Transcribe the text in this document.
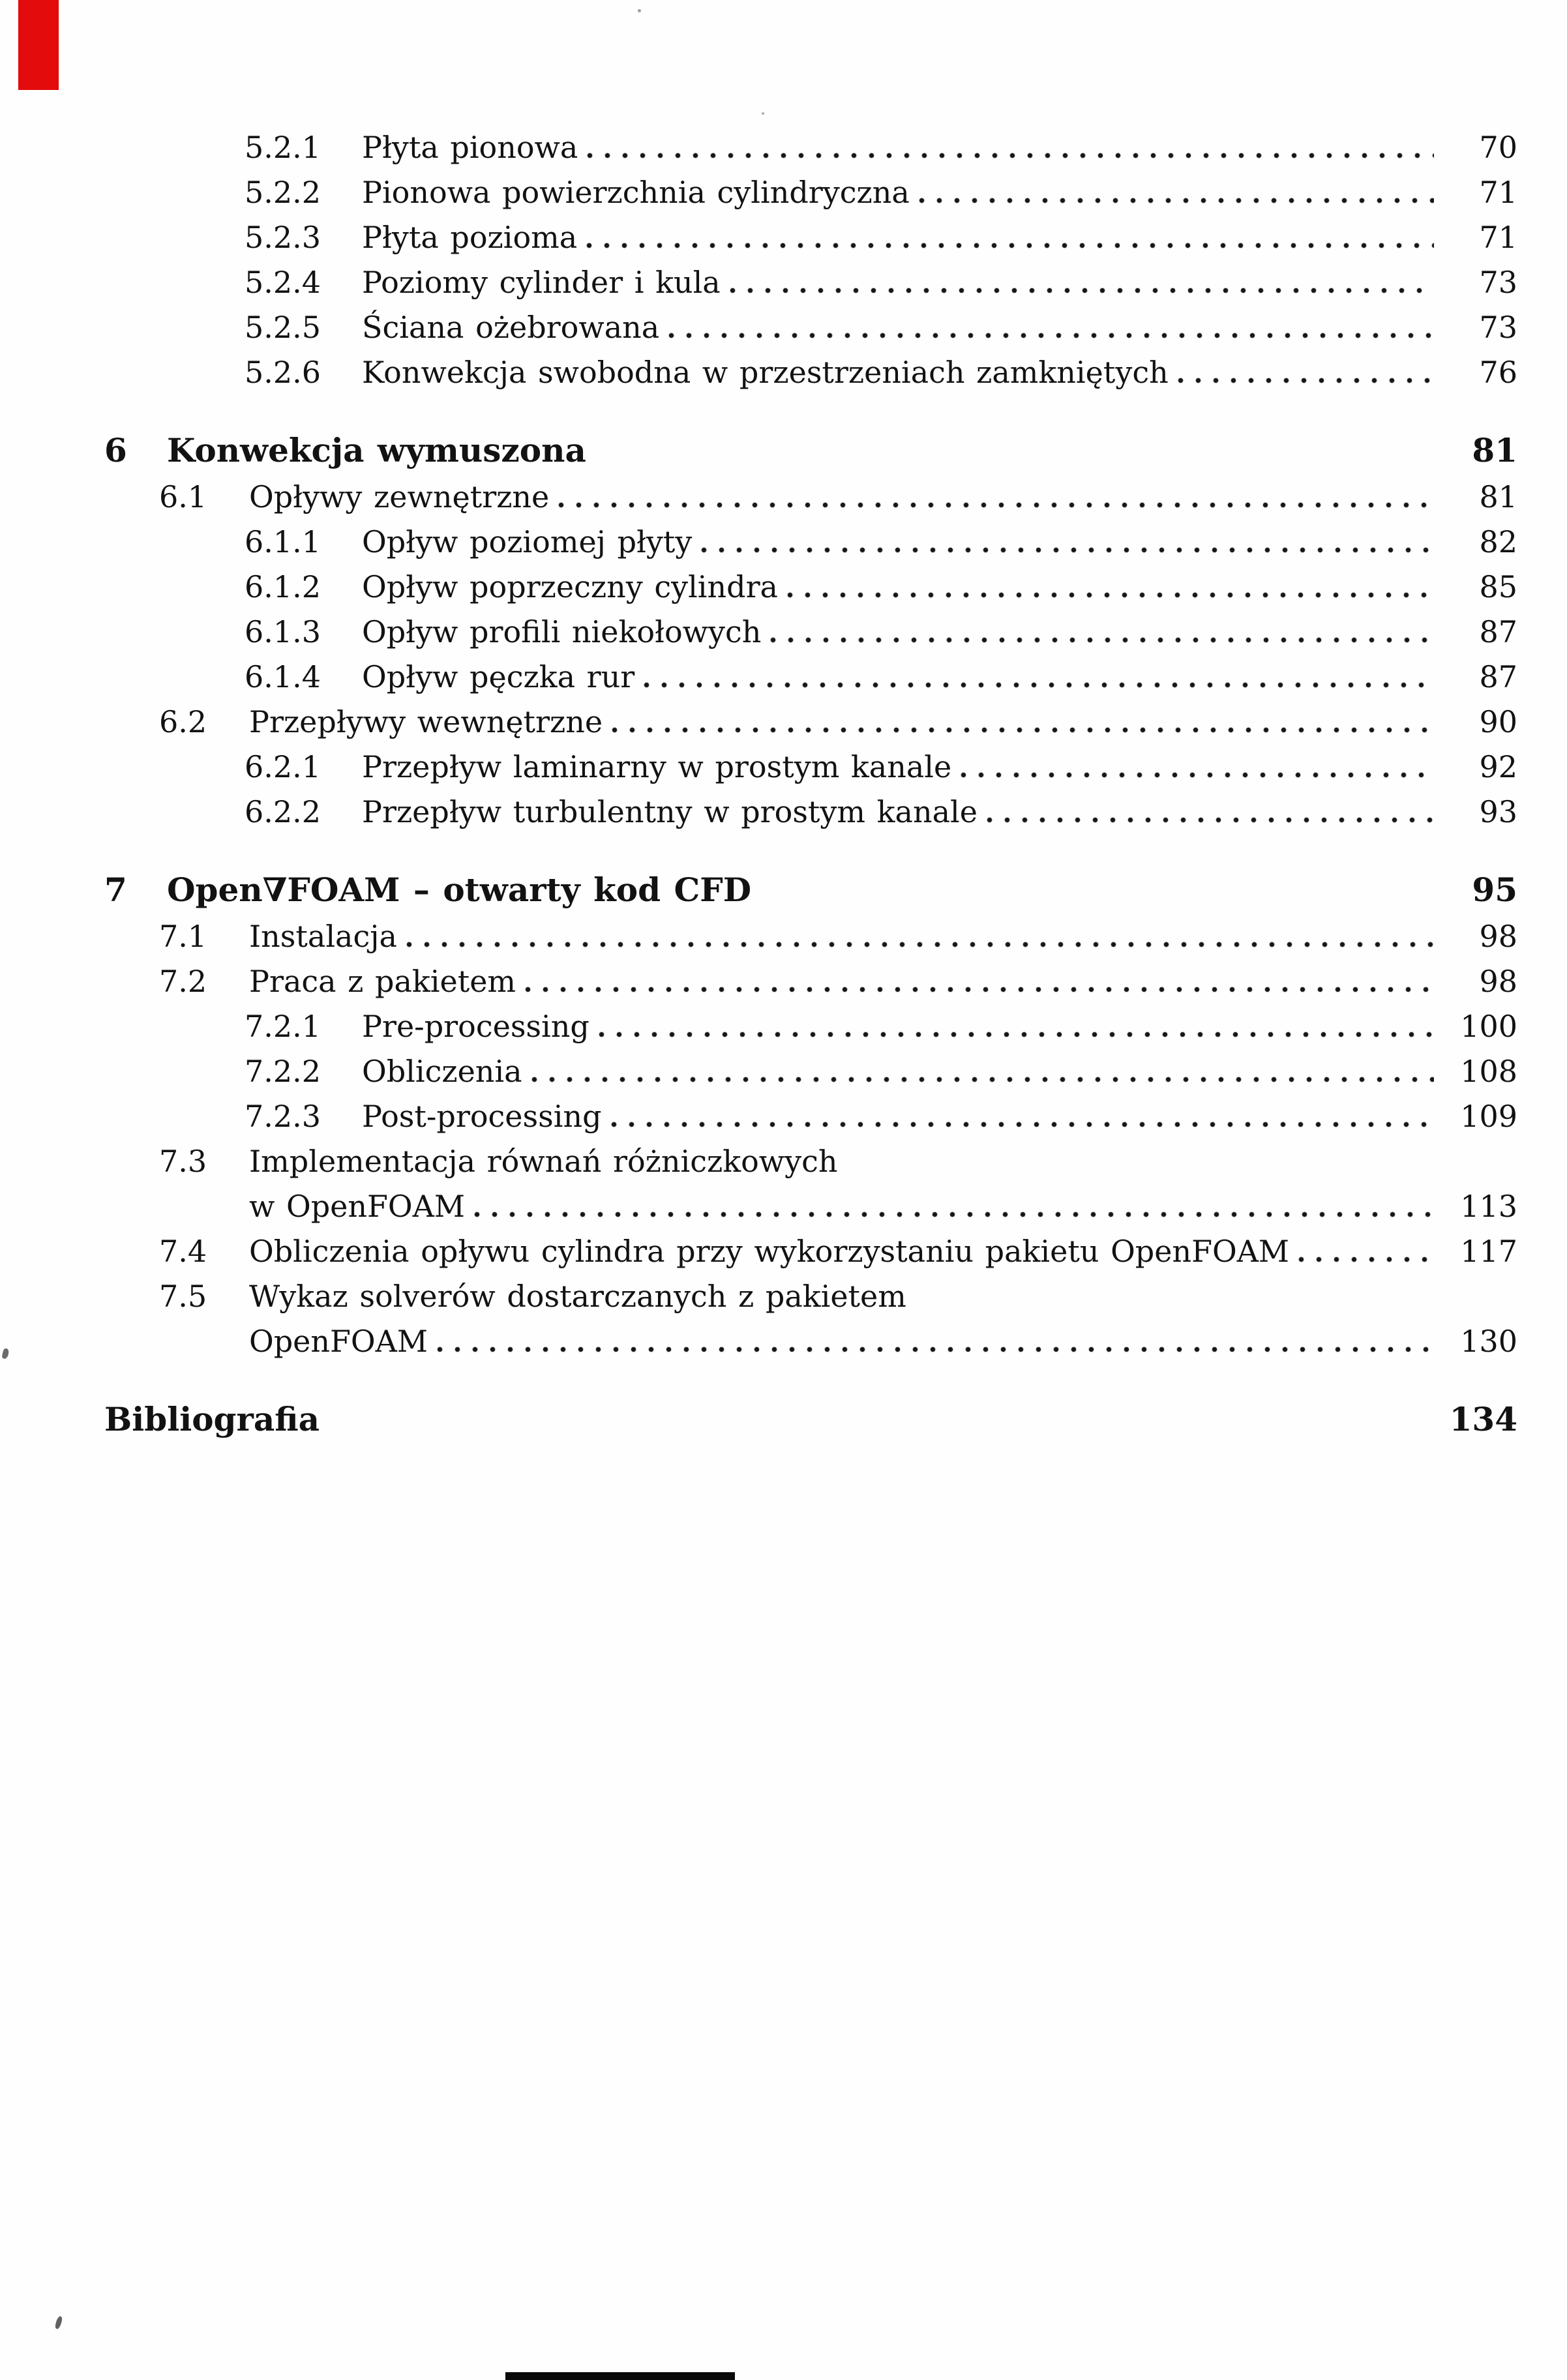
5.2.1	Płyta pionowa	70
5.2.2	Pionowa powierzchnia cylindryczna	71
5.2.3	Płyta pozioma	71
5.2.4	Poziomy cylinder i kula	73
5.2.5	Ściana ożebrowana	73
5.2.6	Konwekcja swobodna w przestrzeniach zamkniętych	76
6	Konwekcja wymuszona	81
6.1	Opływy zewnętrzne	81
6.1.1	Opływ poziomej płyty	82
6.1.2	Opływ poprzeczny cylindra	85
6.1.3	Opływ profili niekołowych	87
6.1.4	Opływ pęczka rur	87
6.2	Przepływy wewnętrzne	90
6.2.1	Przepływ laminarny w prostym kanale	92
6.2.2	Przepływ turbulentny w prostym kanale	93
7	Open∇FOAM – otwarty kod CFD	95
7.1	Instalacja	98
7.2	Praca z pakietem	98
7.2.1	Pre-processing	100
7.2.2	Obliczenia	108
7.2.3	Post-processing	109
7.3	Implementacja równań różniczkowych
w OpenFOAM	113
7.4	Obliczenia opływu cylindra przy wykorzystaniu pakietu OpenFOAM	117
7.5	Wykaz solverów dostarczanych z pakietem
OpenFOAM	130
Bibliografia	134
